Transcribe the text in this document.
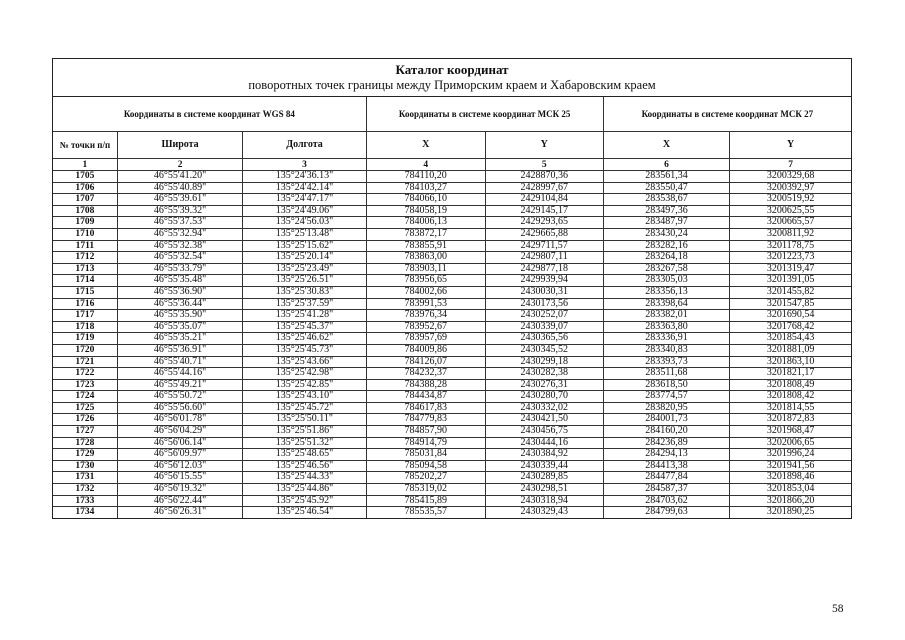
Каталог координат
поворотных точек границы между Приморским краем и Хабаровским краем
Координаты в системе координат WGS 84			Координаты в системе координат МСК 25		Координаты в системе координат МСК 27	
№ точки п/п	Широта	Долгота	X	Y	X	Y
1	2	3	4	5	6	7
1705	46°55'41.20"	135°24'36.13"	784110,20	2428870,36	283561,34	3200329,68
1706	46°55'40.89"	135°24'42.14"	784103,27	2428997,67	283550,47	3200392,97
1707	46°55'39.61"	135°24'47.17"	784066,10	2429104,84	283538,67	3200519,92
1708	46°55'39.32"	135°24'49.06"	784058,19	2429145,17	283497,36	3200625,55
1709	46°55'37.53"	135°24'56.03"	784006,13	2429293,65	283487,97	3200665,57
1710	46°55'32.94"	135°25'13.48"	783872,17	2429665,88	283430,24	3200811,92
1711	46°55'32.38"	135°25'15.62"	783855,91	2429711,57	283282,16	3201178,75
1712	46°55'32.54"	135°25'20.14"	783863,00	2429807,11	283264,18	3201223,73
1713	46°55'33.79"	135°25'23.49"	783903,11	2429877,18	283267,58	3201319,47
1714	46°55'35.48"	135°25'26.51"	783956,65	2429939,94	283305,03	3201391,05
1715	46°55'36.90"	135°25'30.83"	784002,66	2430030,31	283356,13	3201455,82
1716	46°55'36.44"	135°25'37.59"	783991,53	2430173,56	283398,64	3201547,85
1717	46°55'35.90"	135°25'41.28"	783976,34	2430252,07	283382,01	3201690,54
1718	46°55'35.07"	135°25'45.37"	783952,67	2430339,07	283363,80	3201768,42
1719	46°55'35.21"	135°25'46.62"	783957,69	2430365,56	283336,91	3201854,43
1720	46°55'36.91"	135°25'45.73"	784009,86	2430345,52	283340,83	3201881,09
1721	46°55'40.71"	135°25'43.66"	784126,07	2430299,18	283393,73	3201863,10
1722	46°55'44.16"	135°25'42.98"	784232,37	2430282,38	283511,68	3201821,17
1723	46°55'49.21"	135°25'42.85"	784388,28	2430276,31	283618,50	3201808,49
1724	46°55'50.72"	135°25'43.10"	784434,87	2430280,70	283774,57	3201808,42
1725	46°55'56.60"	135°25'45.72"	784617,83	2430332,02	283820,95	3201814,55
1726	46°56'01.78"	135°25'50.11"	784779,83	2430421,50	284001,73	3201872,83
1727	46°56'04.29"	135°25'51.86"	784857,90	2430456,75	284160,20	3201968,47
1728	46°56'06.14"	135°25'51.32"	784914,79	2430444,16	284236,89	3202006,65
1729	46°56'09.97"	135°25'48.65"	785031,84	2430384,92	284294,13	3201996,24
1730	46°56'12.03"	135°25'46.56"	785094,58	2430339,44	284413,38	3201941,56
1731	46°56'15.55"	135°25'44.33"	785202,27	2430289,85	284477,84	3201898,46
1732	46°56'19.32"	135°25'44.86"	785319,02	2430298,51	284587,37	3201853,04
1733	46°56'22.44"	135°25'45.92"	785415,89	2430318,94	284703,62	3201866,20
1734	46°56'26.31"	135°25'46.54"	785535,57	2430329,43	284799,63	3201890,25
58
